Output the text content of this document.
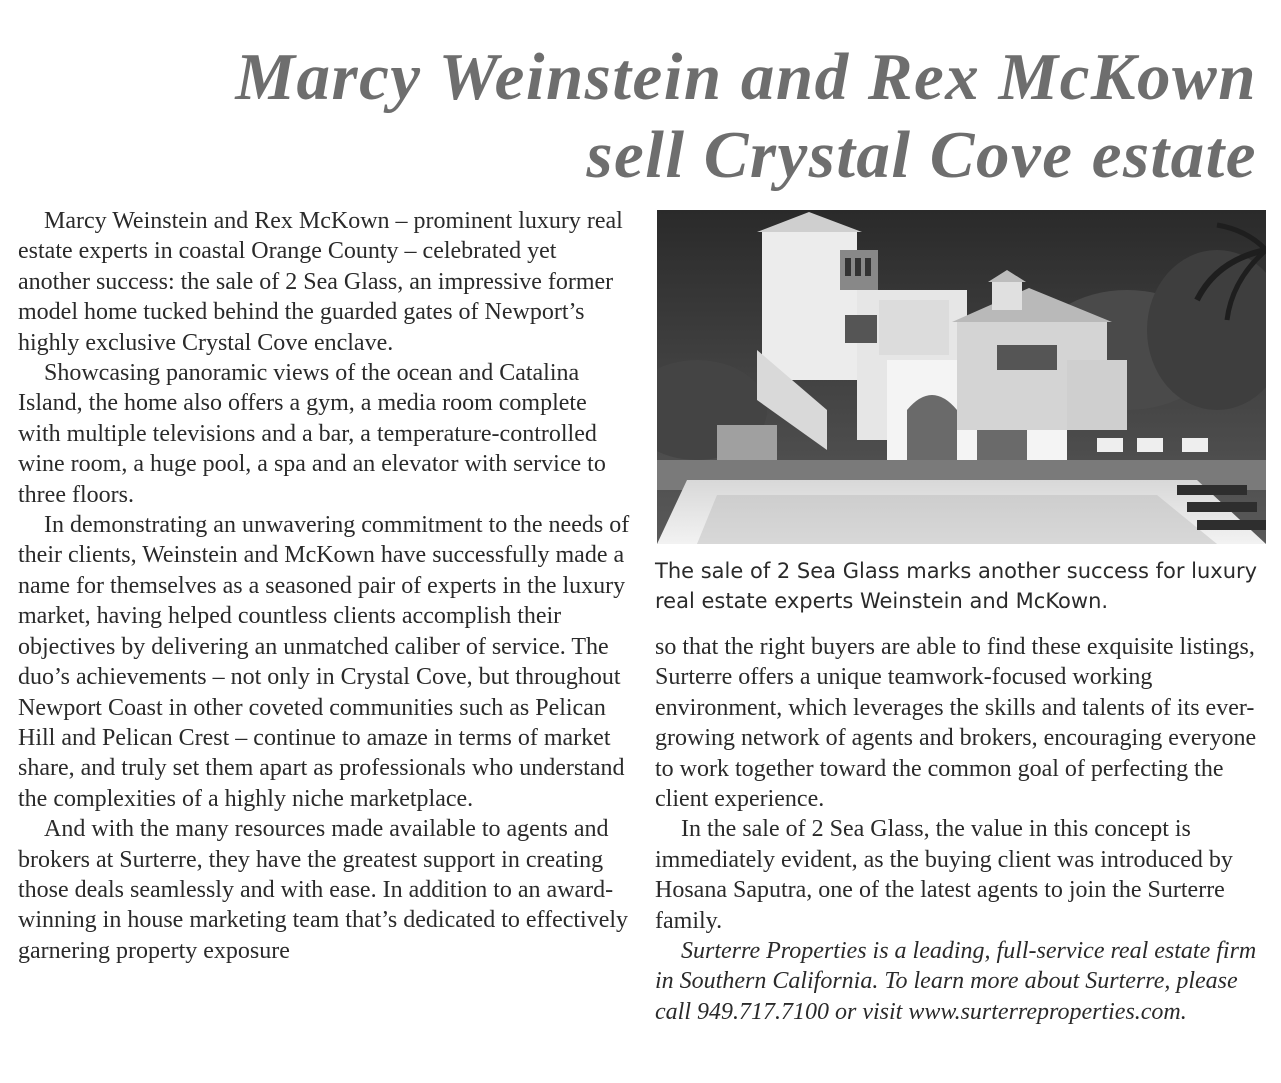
Marcy Weinstein and Rex McKown
sell Crystal Cove estate

Marcy Weinstein and Rex McKown – prominent luxury real estate experts in coastal Orange County – celebrated yet another success: the sale of 2 Sea Glass, an impressive former model home tucked behind the guarded gates of Newport’s highly exclusive Crystal Cove enclave.

Showcasing panoramic views of the ocean and Catalina Island, the home also offers a gym, a media room complete with multiple televisions and a bar, a temperature-controlled wine room, a huge pool, a spa and an elevator with service to three floors.

In demonstrating an unwavering commitment to the needs of their clients, Weinstein and McKown have successfully made a name for themselves as a seasoned pair of experts in the luxury market, having helped countless clients accomplish their objectives by delivering an unmatched caliber of service. The duo’s achievements – not only in Crystal Cove, but throughout Newport Coast in other coveted communities such as Pelican Hill and Pelican Crest – continue to amaze in terms of market share, and truly set them apart as professionals who understand the complexities of a highly niche marketplace.

And with the many resources made available to agents and brokers at Surterre, they have the greatest support in creating those deals seamlessly and with ease. In addition to an award-winning in house marketing team that’s dedicated to effectively garnering property exposure

The sale of 2 Sea Glass marks another success for luxury real estate experts Weinstein and McKown.

so that the right buyers are able to find these exquisite listings, Surterre offers a unique teamwork-focused working environment, which leverages the skills and talents of its ever-growing network of agents and brokers, encouraging everyone to work together toward the common goal of perfecting the client experience.

In the sale of 2 Sea Glass, the value in this concept is immediately evident, as the buying client was introduced by Hosana Saputra, one of the latest agents to join the Surterre family.

Surterre Properties is a leading, full-service real estate firm in Southern California. To learn more about Surterre, please call 949.717.7100 or visit www.surterreproperties.com.
